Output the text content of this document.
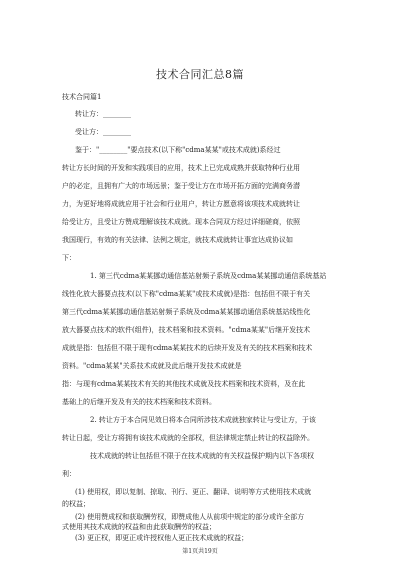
技术合同汇总8篇
技术合同篇1
转让方：________
受让方：________
鉴于："________"要点技术(以下称"cdma某某"或技术成就)系经过
转让方长时间的开发和实践项目的应用，技术上已完成成熟并获取特种行业用
户的必定，且拥有广大的市场远景；鉴于受让方在市场开拓方面的完满商务潜
力，为更好地将成就应用于社会和行业用户，转让方愿意将该项技术成就转让
给受让方，且受让方赞成理解该技术成就。现本合同双方经过详细磋商，依照
我国现行，有效的有关法律、法例之规定，就技术成就转让事宜达成协议如
下：
1. 第三代cdma某某挪动通信基站射频子系统及cdma某某挪动通信系统基站
线性化放大器要点技术(以下称"cdma某某"或技术成就)是指：包括但不限于有关
第三代cdma某某挪动通信基站射频子系统及cdma某某挪动通信系统基站线性化
放大器要点技术的软件(组件)，技术档案和技术资料。"cdma某某"后继开发技术
成就是指：包括但不限于现有cdma某某技术的后续开发及有关的技术档案和技术
资料。"cdma某某"关系技术成就及此后继开发技术成就是
指：与现有cdma某某技术有关的其他技术成就及技术档案和技术资料，及在此
基础上的后继开发及有关的技术档案和技术资料。
2. 转让方于本合同见效日将本合同所涉技术成就独家转让与受让方，于该
转让日起，受让方将拥有该技术成就的全部权，但法律规定禁止转让的权益除外。
技术成就的转让包括但不限于在技术成就的有关权益保护期内以下各项权
利：
(1) 使用权，即以复制、掠取、刊行、更正、翻译、说明等方式使用技术成就
的权益；
(2) 使用赞成权和获取酬劳权，即赞成他人从前项中规定的部分或许全部方
式使用其技术成就的权益和由此获取酬劳的权益；
(3) 更正权，即更正或许授权他人更正技术成就的权益；
第1页共19页
